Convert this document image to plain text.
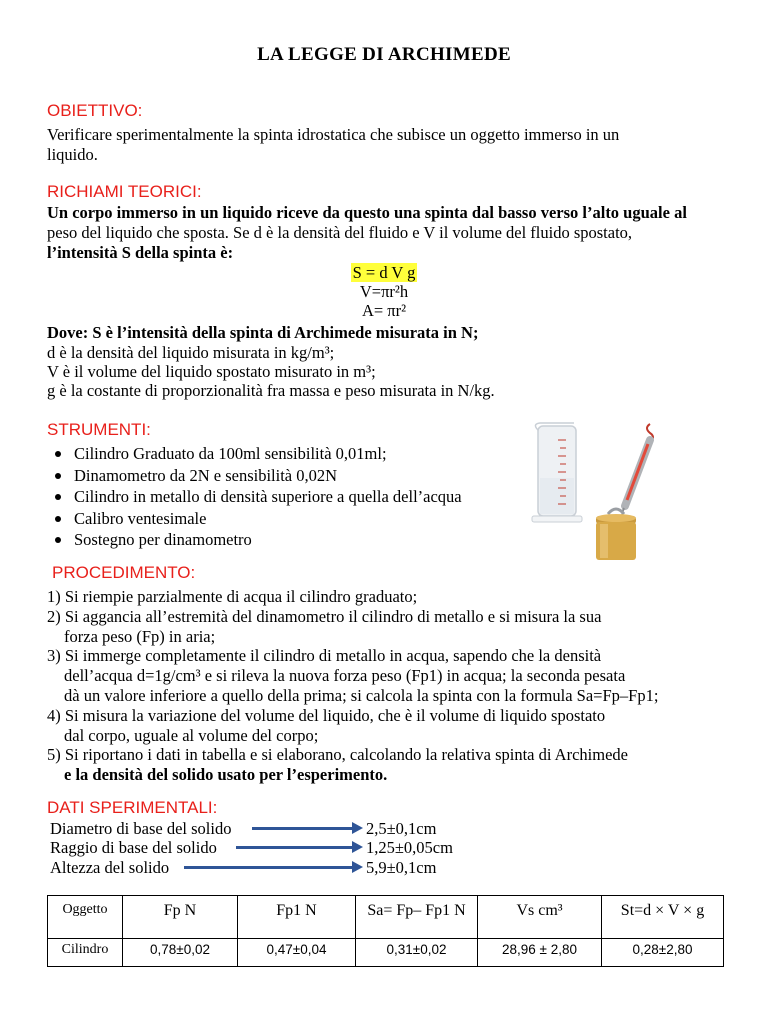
LA LEGGE DI ARCHIMEDE
OBIETTIVO:
Verificare sperimentalmente la spinta idrostatica che subisce un oggetto immerso in un
liquido.
RICHIAMI TEORICI:
Un corpo immerso in un liquido riceve da questo una spinta dal basso verso l’alto uguale al
peso del liquido che sposta. Se d è la densità del fluido e V il volume del fluido spostato,
l’intensità S della spinta è:
S = d V g
V=πr²h
A= πr²
Dove: S è l’intensità della spinta di Archimede misurata in N;
d è la densità del liquido misurata in kg/m³;
V è il volume del liquido spostato misurato in m³;
g è la costante di proporzionalità fra massa e peso misurata in N/kg.
STRUMENTI:
Cilindro Graduato da 100ml sensibilità 0,01ml;
Dinamometro da 2N e sensibilità 0,02N
Cilindro in metallo di densità superiore a quella dell’acqua
Calibro ventesimale
Sostegno per dinamometro
PROCEDIMENTO:
1) Si riempie parzialmente di acqua il cilindro graduato;
2) Si aggancia all’estremità del dinamometro il cilindro di metallo e si misura la sua
forza peso (Fp) in aria;
3) Si immerge completamente il cilindro di metallo in acqua, sapendo che la densità
dell’acqua d=1g/cm³ e si rileva la nuova forza peso (Fp1) in acqua; la seconda pesata
dà un valore inferiore a quello della prima; si calcola la spinta con la formula Sa=Fp–Fp1;
4) Si misura la variazione del volume del liquido, che è il volume di liquido spostato
dal corpo, uguale al volume del corpo;
5) Si riportano i dati in tabella e si elaborano, calcolando la relativa spinta di Archimede
e la densità del solido usato per l’esperimento.
DATI SPERIMENTALI:
Diametro di base del solido	2,5±0,1cm
Raggio di base del solido	1,25±0,05cm
Altezza del solido	5,9±0,1cm
Oggetto	Fp N	Fp1 N	Sa= Fp– Fp1 N	Vs cm³	St=d × V × g
Cilindro	0,78±0,02	0,47±0,04	0,31±0,02	28,96 ± 2,80	0,28±2,80
